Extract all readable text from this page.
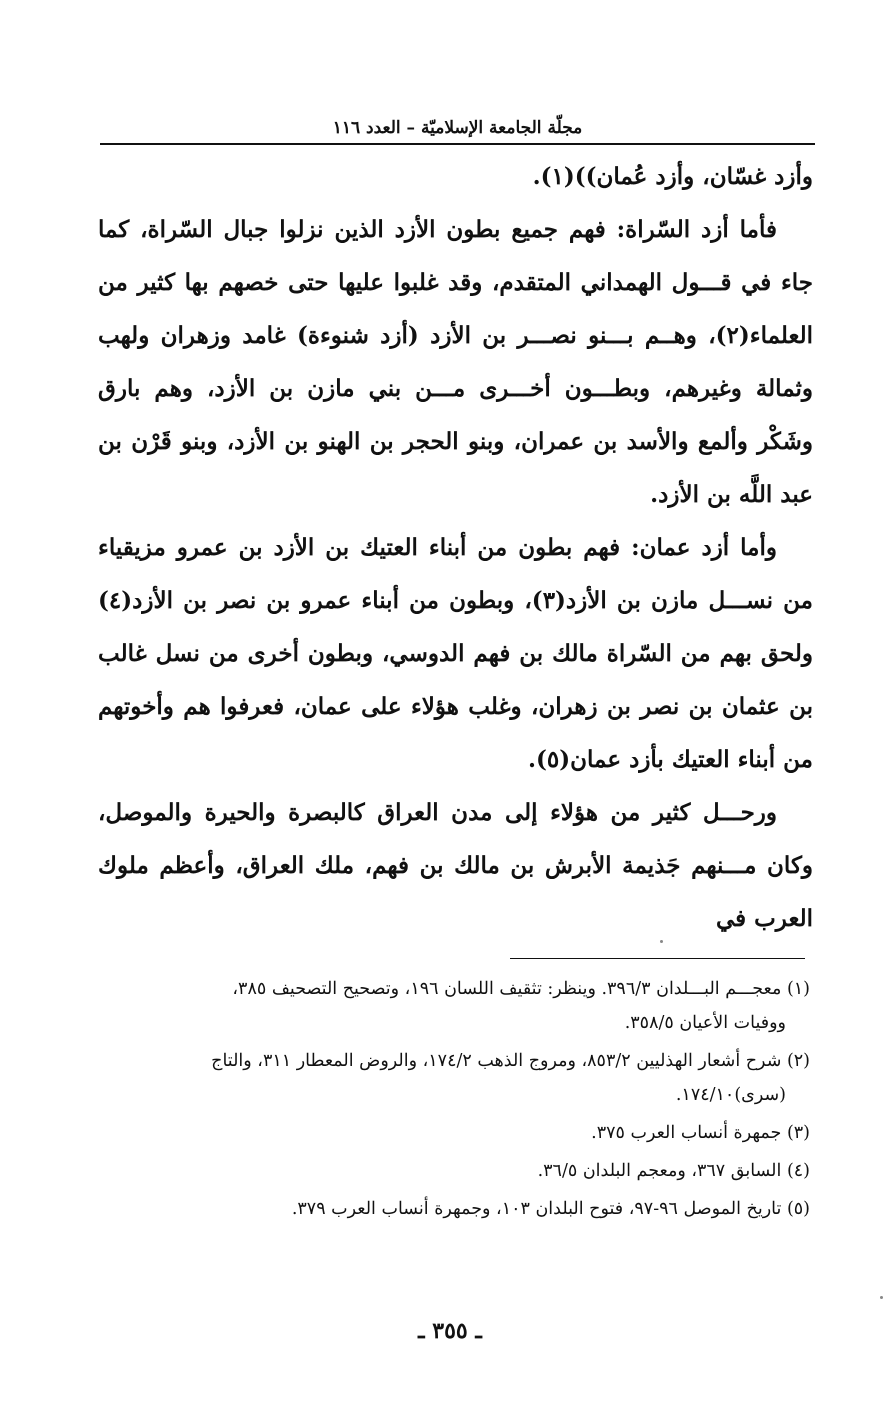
مجلّة الجامعة الإسلاميّة – العدد ١١٦

وأزد غسّان، وأزد عُمان))(١).

فأما أزد السّراة: فهم جميع بطون الأزد الذين نزلوا جبال السّراة، كما جاء في قـــول الهمداني المتقدم، وقد غلبوا عليها حتى خصهم بها كثير من العلماء(٢)، وهــم بـــنو نصـــر بن الأزد (أزد شنوءة) غامد وزهران ولهب وثمالة وغيرهم، وبطـــون أخـــرى مـــن بني مازن بن الأزد، وهم بارق وشَكْر وألمع والأسد بن عمران، وبنو الحجر بن الهنو بن الأزد، وبنو قَرْن بن عبد اللَّه بن الأزد.

وأما أزد عمان: فهم بطون من أبناء العتيك بن الأزد بن عمرو مزيقياء من نســـل مازن بن الأزد(٣)، وبطون من أبناء عمرو بن نصر بن الأزد(٤) ولحق بهم من السّراة مالك بن فهم الدوسي، وبطون أخرى من نسل غالب بن عثمان بن نصر بن زهران، وغلب هؤلاء على عمان، فعرفوا هم وأخوتهم من أبناء العتيك بأزد عمان(٥).

ورحـــل كثير من هؤلاء إلى مدن العراق كالبصرة والحيرة والموصل، وكان مـــنهم جَذيمة الأبرش بن مالك بن فهم، ملك العراق، وأعظم ملوك العرب في

(١) معجـــم البـــلدان ٣٩٦/٣. وينظر: تثقيف اللسان ١٩٦، وتصحيح التصحيف ٣٨٥،
ووفيات الأعيان ٣٥٨/٥.
(٢) شرح أشعار الهذليين ٨٥٣/٢، ومروج الذهب ١٧٤/٢، والروض المعطار ٣١١، والتاج
(سرى)١٧٤/١٠.
(٣) جمهرة أنساب العرب ٣٧٥.
(٤) السابق ٣٦٧، ومعجم البلدان ٣٦/٥.
(٥) تاريخ الموصل ٩٦-٩٧، فتوح البلدان ١٠٣، وجمهرة أنساب العرب ٣٧٩.
ـ ٣٥٥ ـ
